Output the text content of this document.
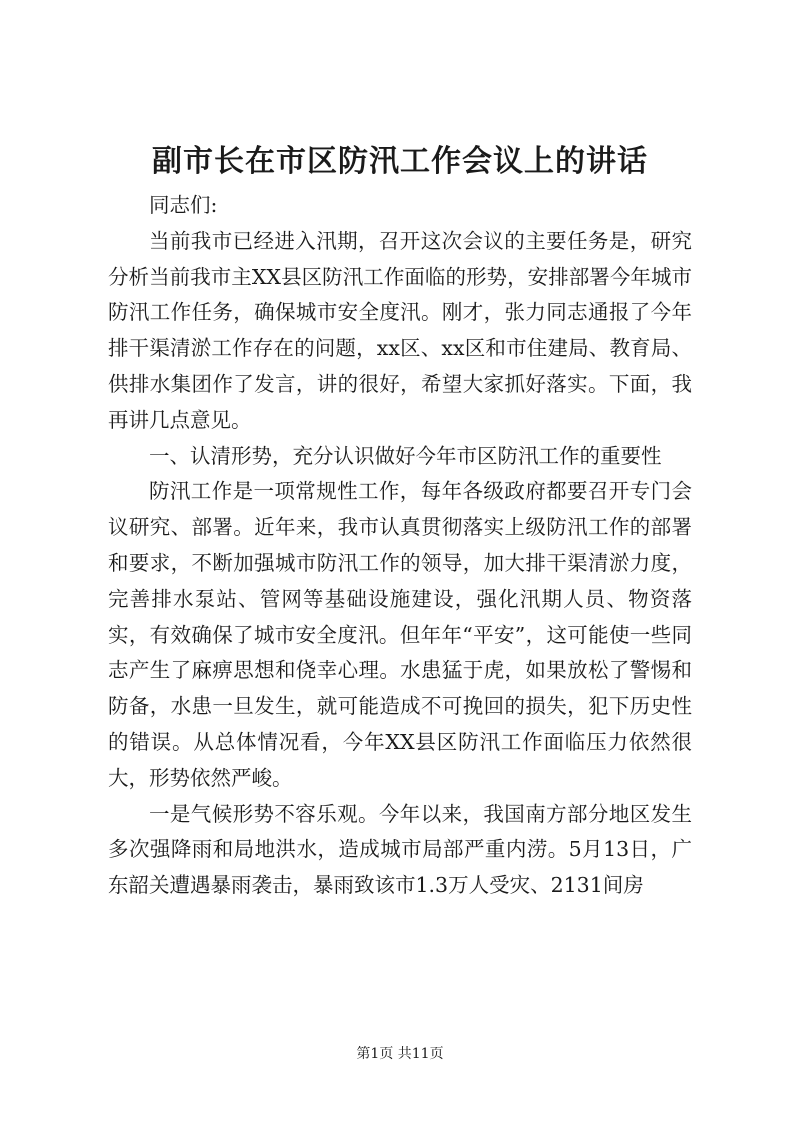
副市长在市区防汛工作会议上的讲话

同志们:

当前我市已经进入汛期，召开这次会议的主要任务是，研究分析当前我市主XX县区防汛工作面临的形势，安排部署今年城市防汛工作任务，确保城市安全度汛。刚才，张力同志通报了今年排干渠清淤工作存在的问题，xx区、xx区和市住建局、教育局、供排水集团作了发言，讲的很好，希望大家抓好落实。下面，我再讲几点意见。

一、认清形势，充分认识做好今年市区防汛工作的重要性

防汛工作是一项常规性工作，每年各级政府都要召开专门会议研究、部署。近年来，我市认真贯彻落实上级防汛工作的部署和要求，不断加强城市防汛工作的领导，加大排干渠清淤力度，完善排水泵站、管网等基础设施建设，强化汛期人员、物资落实，有效确保了城市安全度汛。但年年“平安”，这可能使一些同志产生了麻痹思想和侥幸心理。水患猛于虎，如果放松了警惕和防备，水患一旦发生，就可能造成不可挽回的损失，犯下历史性的错误。从总体情况看，今年XX县区防汛工作面临压力依然很大，形势依然严峻。

一是气候形势不容乐观。今年以来，我国南方部分地区发生多次强降雨和局地洪水，造成城市局部严重内涝。5月13日，广东韶关遭遇暴雨袭击，暴雨致该市1.3万人受灾、2131间房

第1页 共11页
